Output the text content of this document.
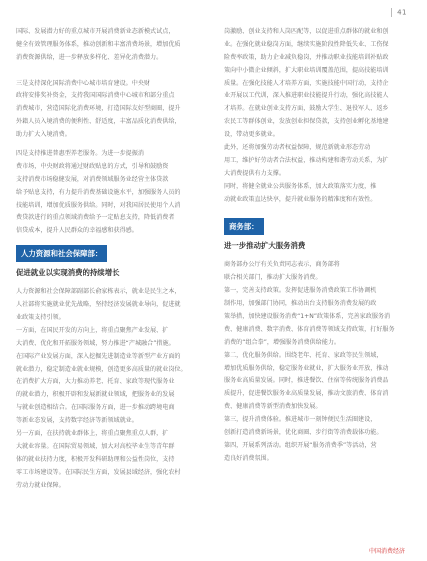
41
国际、发展潜力好的重点城市开展消费新业态新模式试点，
健全有效管理服务体系，推动创新和丰富消费场景，增加优质
消费资源供给，进一步释放多样化、差异化消费潜力。
三是支持深化国际消费中心城市培育建设。中央财
政将安排奖补资金，支持我国国际消费中心城市和部分重点
消费城市，营造国际化消费环境，打造国际友好型商圈，提升
外籍人员入境消费的便利性、舒适度，丰富品质化消费供给，
助力扩大入境消费。
四是支持推进普惠型养老服务。为进一步提振消
费市场，中央财政将通过财政贴息的方式，引导和鼓励资
支持消费市场稳健发展，对消费领域服务业经营主体贷款
给予贴息支持，有力提升消费基础设施水平，加强服务人员的
技能培训，增加优质服务供给。同时，对我国居民使用个人消
费贷款进行的重点领域消费给予一定贴息支持，降低消费者
信贷成本，提升人民群众的幸福感和获得感。
人力资源和社会保障部：
促进就业以实现消费的持续增长
人力资源和社会保障部副部长俞家栋表示，就业是民生之本，
人社部将实施就业优先战略，坚持经济发展就业导向，促进就
业政策支持引领。
一方面，在国民开发的方向上，将重点聚焦产业发展、扩
大消费、优化和开拓服务领域，努力推进“产城融合”措施。
在国际产业发展方面，深入挖掘先进制造业等新型产业方面的
就业潜力，稳定制造业就业规模，创造更多高质量的就业岗位。
在消费扩大方面，大力推动养老、托育、家政等现代服务业
的就业潜力，积极开辟和发展新就业领域，把服务业的发展
与就业创造相结合。在国际服务方面，进一步推动跨境电商
等新业态发展，支持数字经济等新领域就业。
另一方面，在扶持就业群体上，将重点聚焦重点人群，扩
大就业容量。在国际贸易领域，加大对高校毕业生等青年群
体的就业扶持力度，积极开发科研助理和公益性岗位，支持
零工市场建设等。在国际民生方面，发展县域经济，强化农村
劳动力就业保障。
岗激励、创业支持和人岗匹配等，以促进重点群体的就业和创
业。在强化就业稳岗方面，继续实施阶段性降低失业、工伤保
险费率政策，助力企业减负稳岗，并推动职业技能培训补贴政
策向中小微企业倾斜，扩大职业培训覆盖范围，提高技能培训
质量。在强化技能人才培养方面，实施技能中国行动，支持企
业开展以工代训，深入推进职业技能提升行动，强化高技能人
才培养。在就业创业支持方面，鼓励大学生、退役军人、返乡
农民工等群体创业，发放创业担保贷款，支持创业孵化基地建
设，带动更多就业。
此外，还将加强劳动者权益保障，规范新就业形态劳动
用工，维护好劳动者合法权益，推动构建和谐劳动关系，为扩
大消费提供有力支撑。
同时，将健全就业公共服务体系，加大政策落实力度，推
动就业政策直达快享，提升就业服务的精准度和有效性。
商务部：
进一步推动扩大服务消费
商务部办公厅有关负责同志表示，商务部将
联合相关部门，推动扩大服务消费。
第一，完善支持政策。发挥促进服务消费政策工作协调机
制作用，加强部门协同，推动出台支持服务消费发展的政
策举措，加快建设服务消费“1+N”政策体系，完善家政服务消
费、健康消费、数字消费、体育消费等领域支持政策，打好服务
消费的“组合拳”，增强服务消费供给能力。
第二，优化服务供给。围绕老年、托育、家政等民生领域，
增加优质服务供给，稳定服务业就业，扩大服务业开放，推动
服务业高质量发展。同时，推进餐饮、住宿等传统服务消费品
质提升，促进餐饮服务业高质量发展，推动文旅消费、体育消
费、健康消费等新型消费加快发展。
第三，提升消费体验。推进城市一刻钟便民生活圈建设，
创新打造消费新场景，优化商圈、步行街等消费载体功能。
第四，开展系列活动。组织开展“服务消费季”等活动，营
造良好消费氛围。
中国消费经济
